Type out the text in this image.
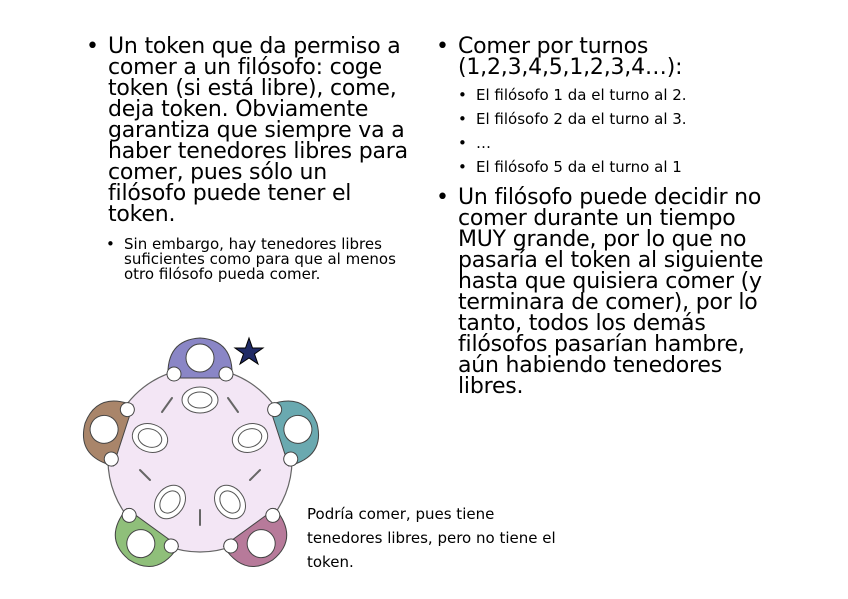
• Un token que da permiso a comer a un filósofo: coge token (si está libre), come, deja token. Obviamente garantiza que siempre va a haber tenedores libres para comer, pues sólo un filósofo puede tener el token.
• Sin embargo, hay tenedores libres suficientes como para que al menos otro filósofo pueda comer.
• Comer por turnos (1,2,3,4,5,1,2,3,4…):
• El filósofo 1 da el turno al 2.
• El filósofo 2 da el turno al 3.
• …
• El filósofo 5 da el turno al 1
• Un filósofo puede decidir no comer durante un tiempo MUY grande, por lo que no pasaría el token al siguiente hasta que quisiera comer (y terminara de comer), por lo tanto, todos los demás filósofos pasarían hambre, aún habiendo tenedores libres.
Podría comer, pues tiene tenedores libres, pero no tiene el token.
